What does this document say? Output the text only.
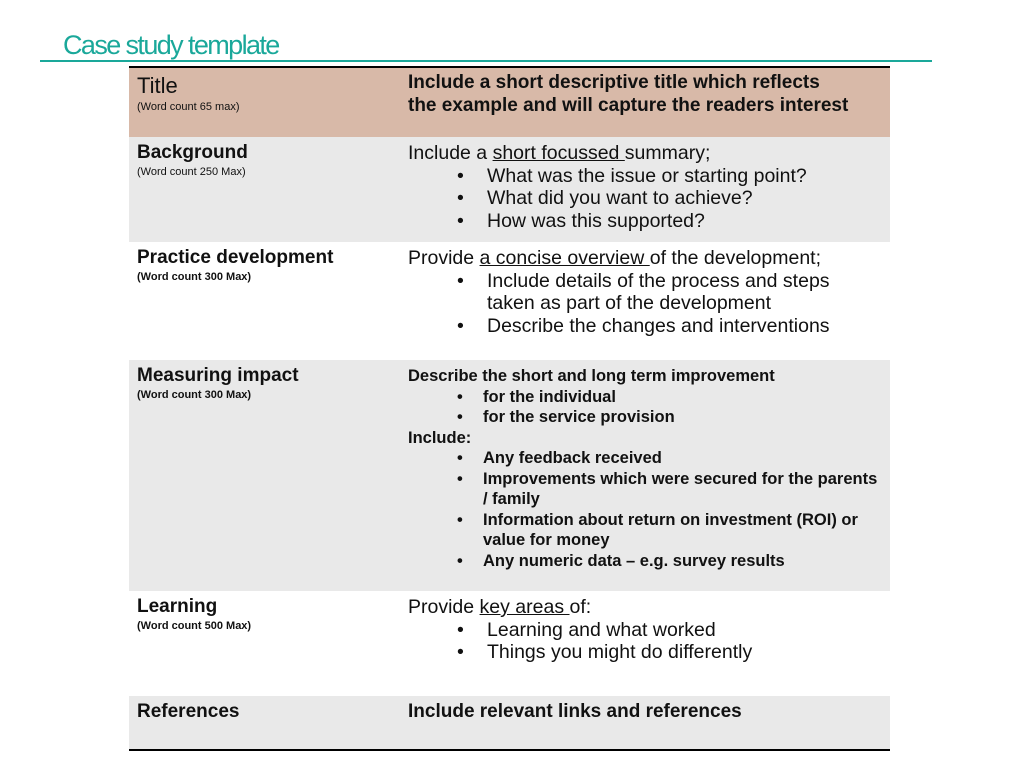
Case study template
Title
(Word count 65 max)
Include a short descriptive title which reflects
the example and will capture the readers interest
Background
(Word count 250 Max)
Include a short focussed summary;
• What was the issue or starting point?
• What did you want to achieve?
• How was this supported?
Practice development
(Word count 300 Max)
Provide a concise overview of the development;
• Include details of the process and steps taken as part of the development
• Describe the changes and interventions
Measuring impact
(Word count 300 Max)
Describe the short and long term improvement
• for the individual
• for the service provision
Include:
• Any feedback received
• Improvements which were secured for the parents / family
• Information about return on investment (ROI) or value for money
• Any numeric data – e.g. survey results
Learning
(Word count 500 Max)
Provide key areas of:
• Learning and what worked
• Things you might do differently
References	Include relevant links and references
